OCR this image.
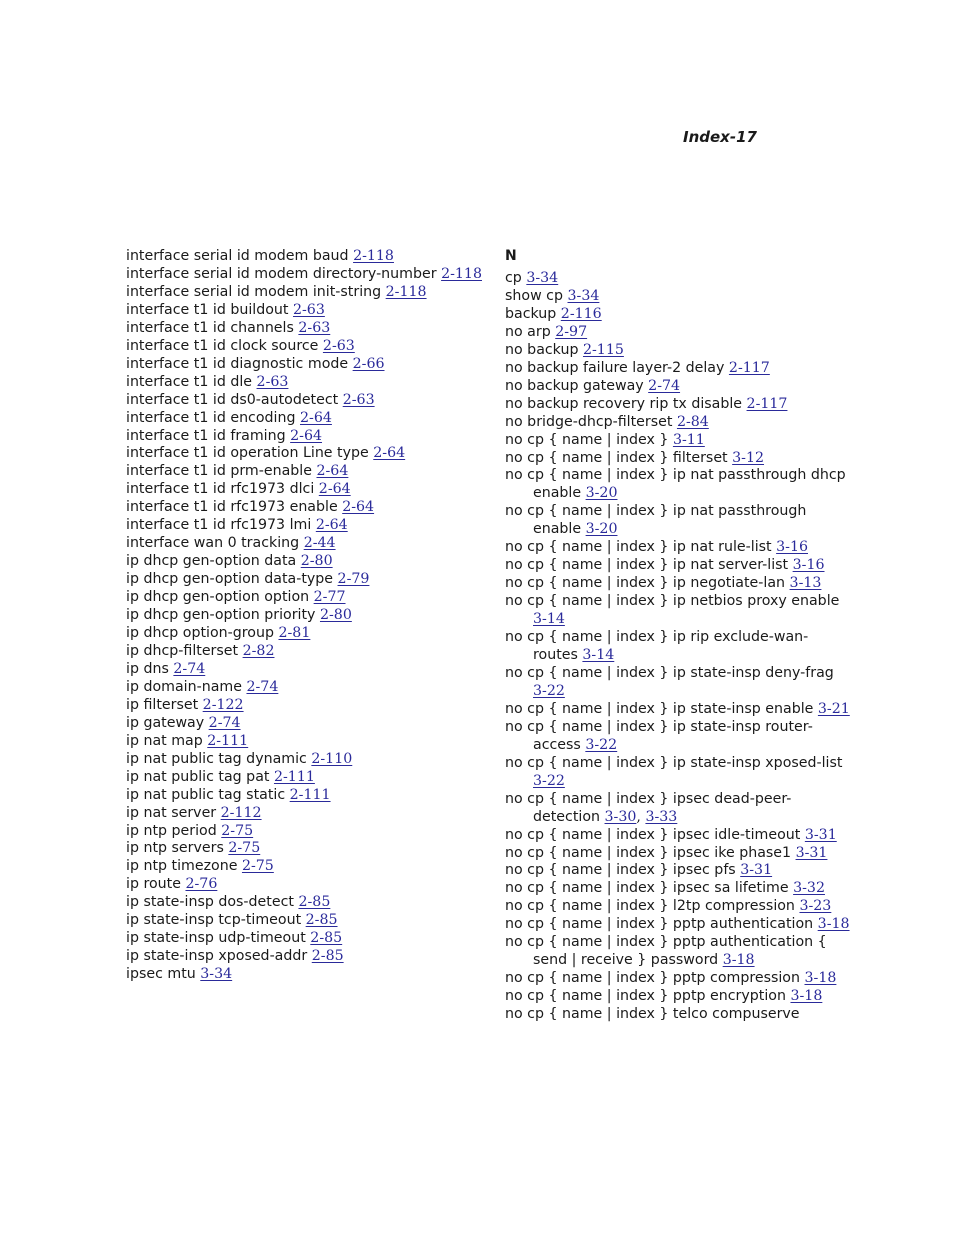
Index-17
interface serial id modem baud 2-118
interface serial id modem directory-number 2-118
interface serial id modem init-string 2-118
interface t1 id buildout 2-63
interface t1 id channels 2-63
interface t1 id clock source 2-63
interface t1 id diagnostic mode 2-66
interface t1 id dle 2-63
interface t1 id ds0-autodetect 2-63
interface t1 id encoding 2-64
interface t1 id framing 2-64
interface t1 id operation Line type 2-64
interface t1 id prm-enable 2-64
interface t1 id rfc1973 dlci 2-64
interface t1 id rfc1973 enable 2-64
interface t1 id rfc1973 lmi 2-64
interface wan 0 tracking 2-44
ip dhcp gen-option data 2-80
ip dhcp gen-option data-type 2-79
ip dhcp gen-option option 2-77
ip dhcp gen-option priority 2-80
ip dhcp option-group 2-81
ip dhcp-filterset 2-82
ip dns 2-74
ip domain-name 2-74
ip filterset 2-122
ip gateway 2-74
ip nat map 2-111
ip nat public tag dynamic 2-110
ip nat public tag pat 2-111
ip nat public tag static 2-111
ip nat server 2-112
ip ntp period 2-75
ip ntp servers 2-75
ip ntp timezone 2-75
ip route 2-76
ip state-insp dos-detect 2-85
ip state-insp tcp-timeout 2-85
ip state-insp udp-timeout 2-85
ip state-insp xposed-addr 2-85
ipsec mtu 3-34
N
cp 3-34
show cp 3-34
backup 2-116
no arp 2-97
no backup 2-115
no backup failure layer-2 delay 2-117
no backup gateway 2-74
no backup recovery rip tx disable 2-117
no bridge-dhcp-filterset 2-84
no cp { name | index } 3-11
no cp { name | index } filterset 3-12
no cp { name | index } ip nat passthrough dhcp enable 3-20
no cp { name | index } ip nat passthrough enable 3-20
no cp { name | index } ip nat rule-list 3-16
no cp { name | index } ip nat server-list 3-16
no cp { name | index } ip negotiate-lan 3-13
no cp { name | index } ip netbios proxy enable 3-14
no cp { name | index } ip rip exclude-wan-routes 3-14
no cp { name | index } ip state-insp deny-frag 3-22
no cp { name | index } ip state-insp enable 3-21
no cp { name | index } ip state-insp router-access 3-22
no cp { name | index } ip state-insp xposed-list 3-22
no cp { name | index } ipsec dead-peer-detection 3-30, 3-33
no cp { name | index } ipsec idle-timeout 3-31
no cp { name | index } ipsec ike phase1 3-31
no cp { name | index } ipsec pfs 3-31
no cp { name | index } ipsec sa lifetime 3-32
no cp { name | index } l2tp compression 3-23
no cp { name | index } pptp authentication 3-18
no cp { name | index } pptp authentication { send | receive } password 3-18
no cp { name | index } pptp compression 3-18
no cp { name | index } pptp encryption 3-18
no cp { name | index } telco compuserve
